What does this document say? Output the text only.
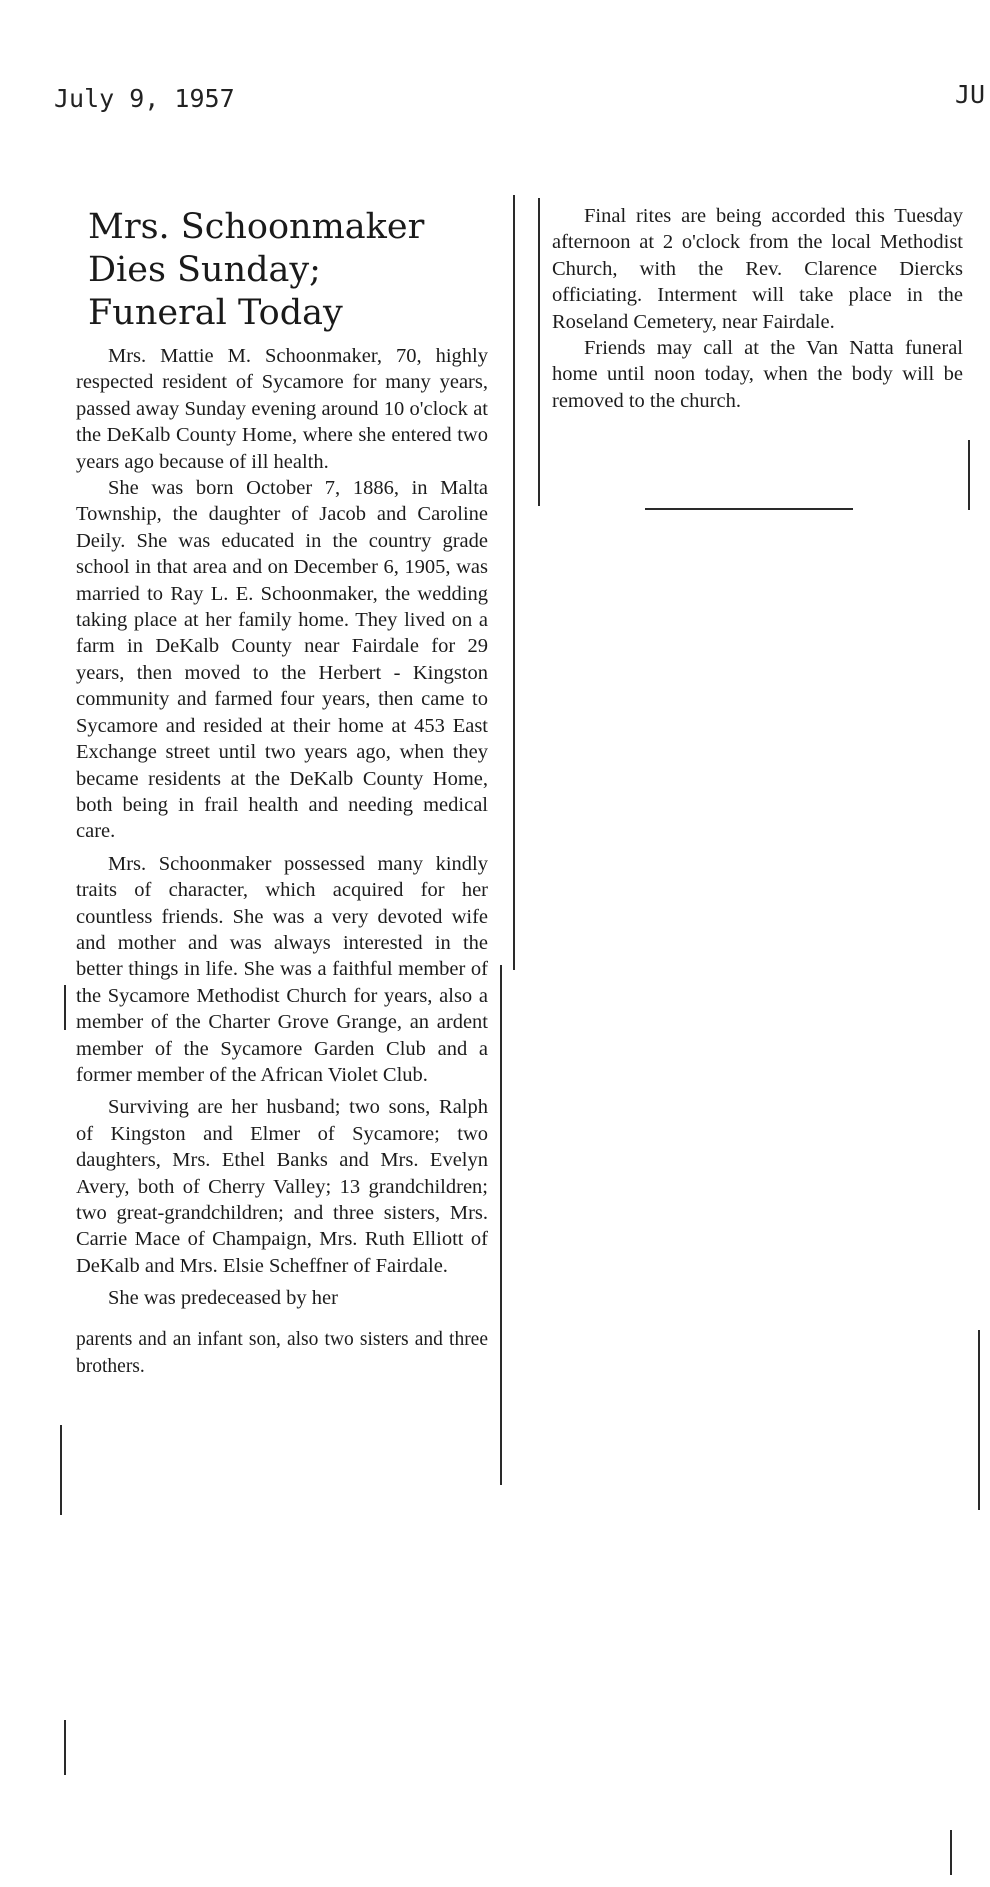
July 9, 1957	JU
Mrs. Schoonmaker
Dies Sunday;
Funeral Today

Mrs. Mattie M. Schoonmaker, 70, highly respected resident of Sycamore for many years, passed away Sunday evening around 10 o'clock at the DeKalb County Home, where she entered two years ago because of ill health.

She was born October 7, 1886, in Malta Township, the daughter of Jacob and Caroline Deily. She was educated in the country grade school in that area and on December 6, 1905, was married to Ray L. E. Schoonmaker, the wedding taking place at her family home. They lived on a farm in DeKalb County near Fairdale for 29 years, then moved to the Herbert - Kingston community and farmed four years, then came to Sycamore and resided at their home at 453 East Exchange street until two years ago, when they became residents at the DeKalb County Home, both being in frail health and needing medical care.

Mrs. Schoonmaker possessed many kindly traits of character, which acquired for her countless friends. She was a very devoted wife and mother and was always interested in the better things in life. She was a faithful member of the Sycamore Methodist Church for years, also a member of the Charter Grove Grange, an ardent member of the Sycamore Garden Club and a former member of the African Violet Club.

Surviving are her husband; two sons, Ralph of Kingston and Elmer of Sycamore; two daughters, Mrs. Ethel Banks and Mrs. Evelyn Avery, both of Cherry Valley; 13 grandchildren; two great-grandchildren; and three sisters, Mrs. Carrie Mace of Champaign, Mrs. Ruth Elliott of DeKalb and Mrs. Elsie Scheffner of Fairdale.

She was predeceased by her

parents and an infant son, also two sisters and three brothers.

Final rites are being accorded this Tuesday afternoon at 2 o'clock from the local Methodist Church, with the Rev. Clarence Diercks officiating. Interment will take place in the Roseland Cemetery, near Fairdale.

Friends may call at the Van Natta funeral home until noon today, when the body will be removed to the church.
